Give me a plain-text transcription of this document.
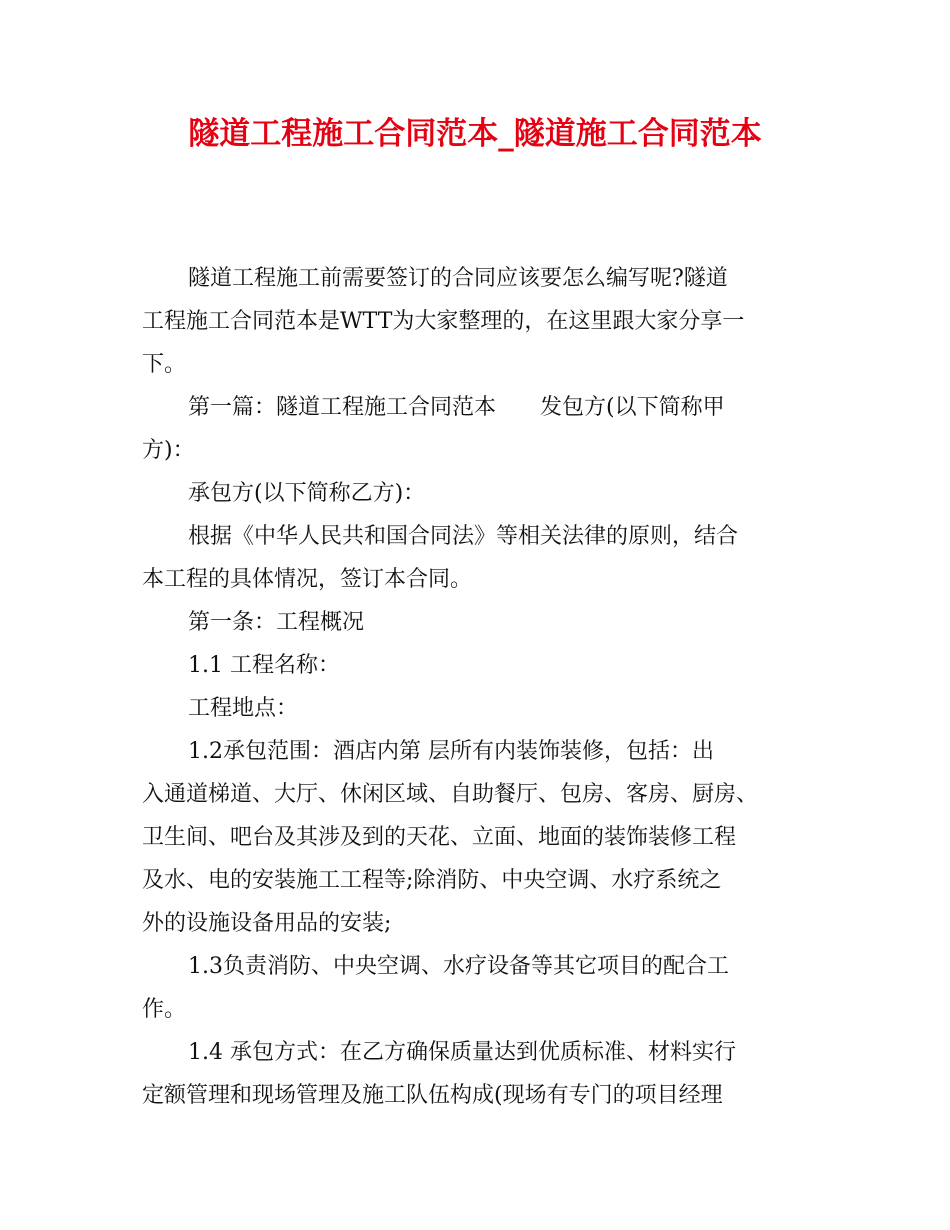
隧道工程施工合同范本_隧道施工合同范本
隧道工程施工前需要签订的合同应该要怎么编写呢?隧道
工程施工合同范本是WTT为大家整理的，在这里跟大家分享一
下。
第一篇：隧道工程施工合同范本 发包方(以下简称甲
方)：
承包方(以下简称乙方)：
根据《中华人民共和国合同法》等相关法律的原则，结合
本工程的具体情况，签订本合同。
第一条：工程概况
1.1 工程名称：
工程地点：
1.2承包范围：酒店内第 层所有内装饰装修，包括：出
入通道梯道、大厅、休闲区域、自助餐厅、包房、客房、厨房、
卫生间、吧台及其涉及到的天花、立面、地面的装饰装修工程
及水、电的安装施工工程等;除消防、中央空调、水疗系统之
外的设施设备用品的安装;
1.3负责消防、中央空调、水疗设备等其它项目的配合工
作。
1.4 承包方式：在乙方确保质量达到优质标准、材料实行
定额管理和现场管理及施工队伍构成(现场有专门的项目经理
